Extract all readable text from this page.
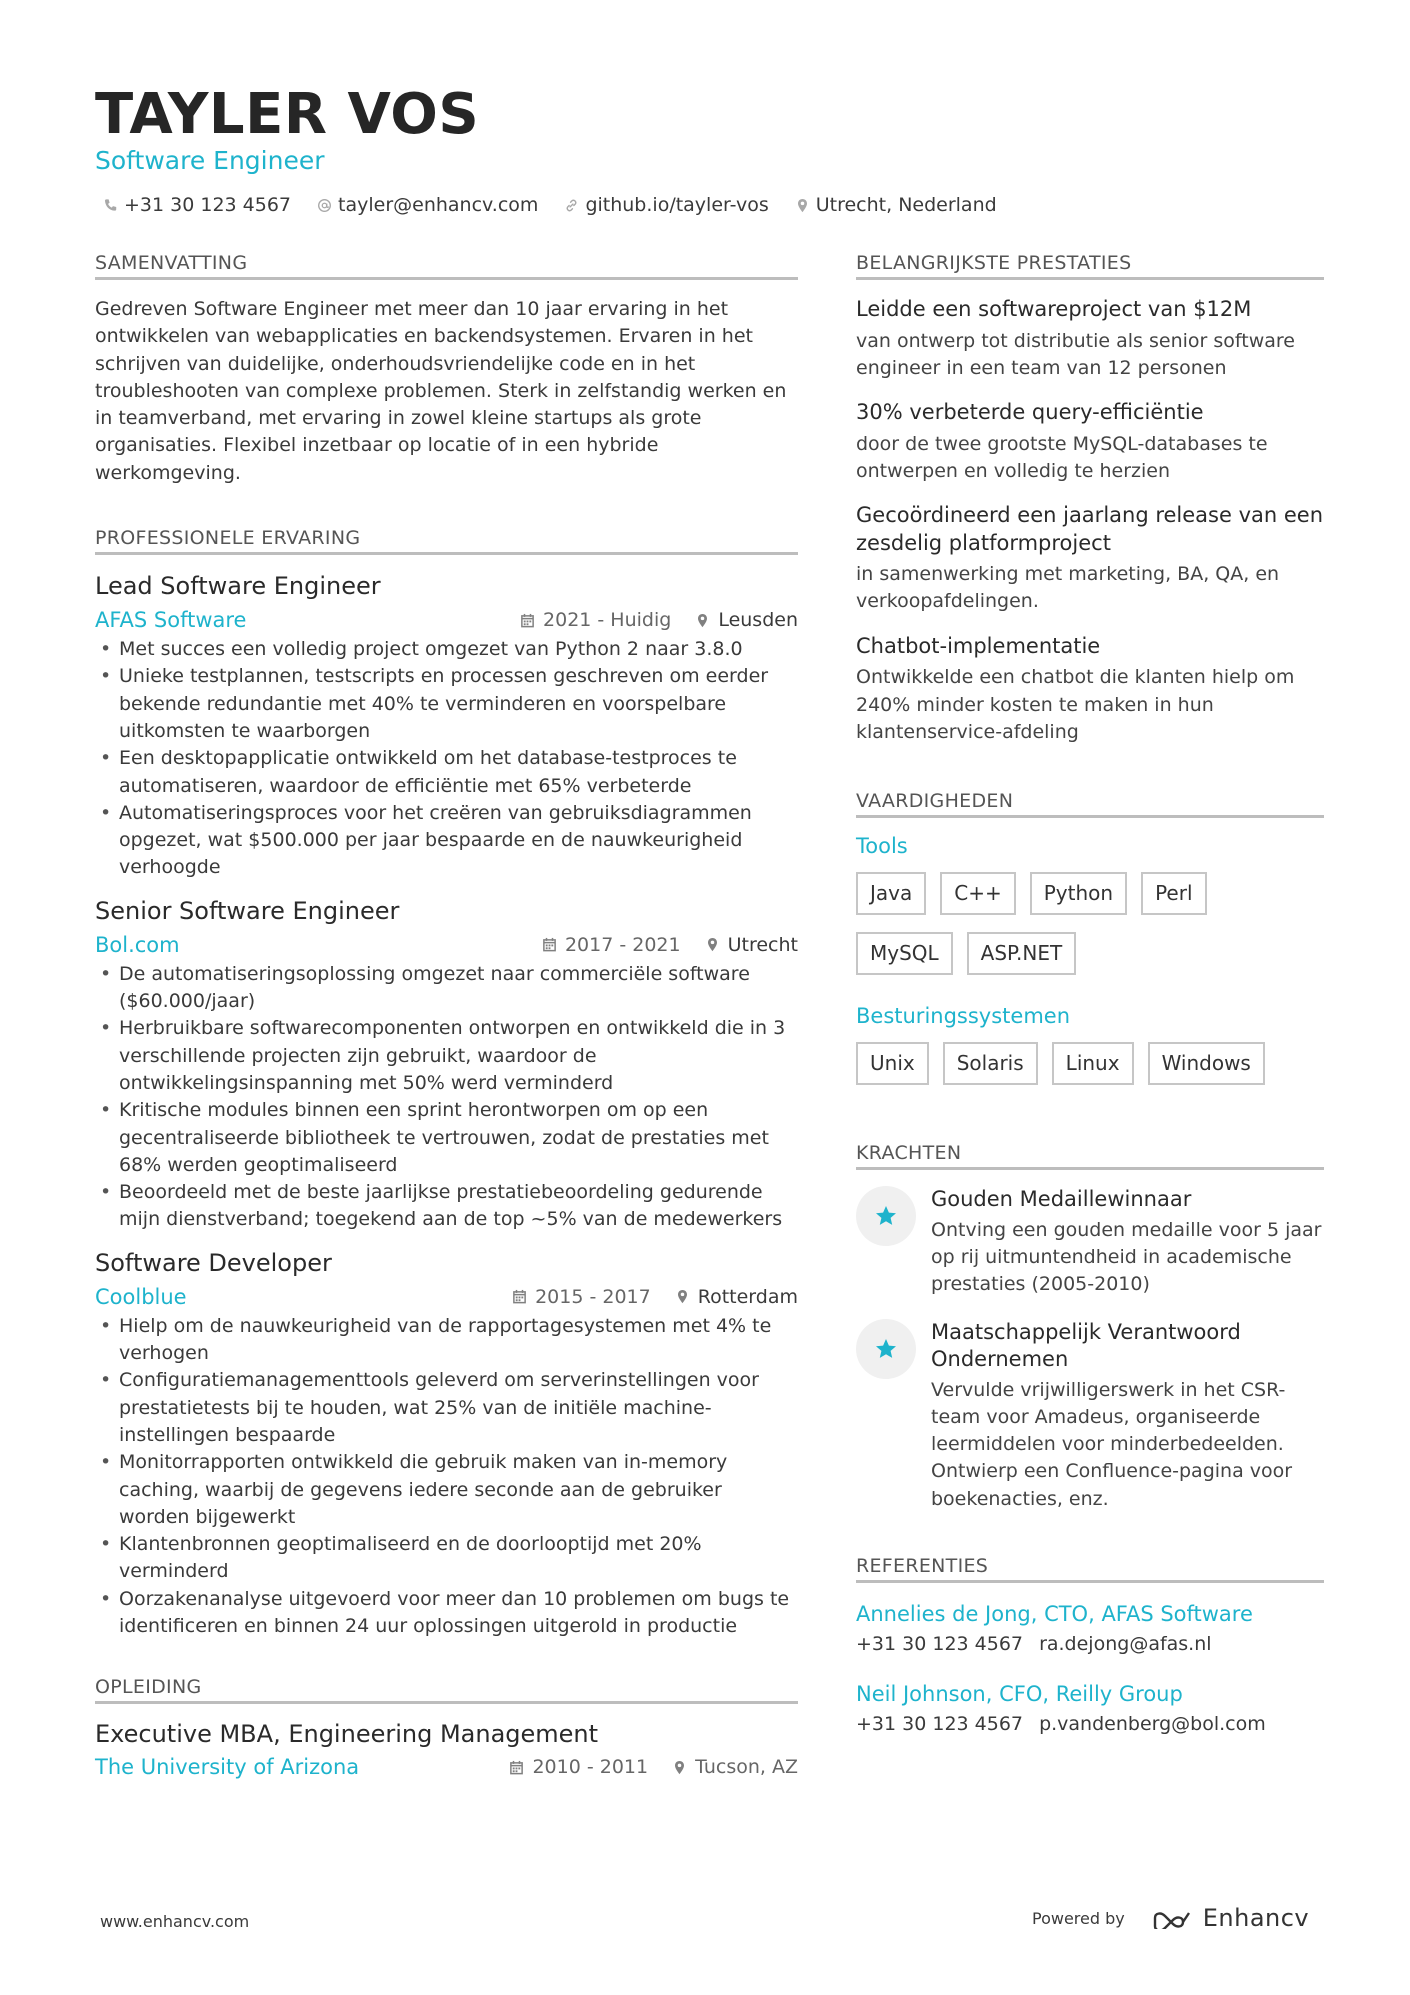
TAYLER VOS
Software Engineer
+31 30 123 4567 tayler@enhancv.com github.io/tayler-vos Utrecht, Nederland
SAMENVATTING
Gedreven Software Engineer met meer dan 10 jaar ervaring in het ontwikkelen van webapplicaties en backendsystemen. Ervaren in het schrijven van duidelijke, onderhoudsvriendelijke code en in het troubleshooten van complexe problemen. Sterk in zelfstandig werken en in teamverband, met ervaring in zowel kleine startups als grote organisaties. Flexibel inzetbaar op locatie of in een hybride werkomgeving.
PROFESSIONELE ERVARING
Lead Software Engineer
AFAS Software	2021 - Huidig Leusden
• Met succes een volledig project omgezet van Python 2 naar 3.8.0
• Unieke testplannen, testscripts en processen geschreven om eerder bekende redundantie met 40% te verminderen en voorspelbare uitkomsten te waarborgen
• Een desktopapplicatie ontwikkeld om het database-testproces te automatiseren, waardoor de efficiëntie met 65% verbeterde
• Automatiseringsproces voor het creëren van gebruiksdiagrammen opgezet, wat $500.000 per jaar bespaarde en de nauwkeurigheid verhoogde
Senior Software Engineer
Bol.com	2017 - 2021 Utrecht
• De automatiseringsoplossing omgezet naar commerciële software ($60.000/jaar)
• Herbruikbare softwarecomponenten ontworpen en ontwikkeld die in 3 verschillende projecten zijn gebruikt, waardoor de ontwikkelingsinspanning met 50% werd verminderd
• Kritische modules binnen een sprint herontworpen om op een gecentraliseerde bibliotheek te vertrouwen, zodat de prestaties met 68% werden geoptimaliseerd
• Beoordeeld met de beste jaarlijkse prestatiebeoordeling gedurende mijn dienstverband; toegekend aan de top ~5% van de medewerkers
Software Developer
Coolblue	2015 - 2017 Rotterdam
• Hielp om de nauwkeurigheid van de rapportagesystemen met 4% te verhogen
• Configuratiemanagementtools geleverd om serverinstellingen voor prestatietests bij te houden, wat 25% van de initiële machine-instellingen bespaarde
• Monitorrapporten ontwikkeld die gebruik maken van in-memory caching, waarbij de gegevens iedere seconde aan de gebruiker worden bijgewerkt
• Klantenbronnen geoptimaliseerd en de doorlooptijd met 20% verminderd
• Oorzakenanalyse uitgevoerd voor meer dan 10 problemen om bugs te identificeren en binnen 24 uur oplossingen uitgerold in productie
OPLEIDING
Executive MBA, Engineering Management
The University of Arizona	2010 - 2011 Tucson, AZ
BELANGRIJKSTE PRESTATIES
Leidde een softwareproject van $12M
van ontwerp tot distributie als senior software engineer in een team van 12 personen
30% verbeterde query-efficiëntie
door de twee grootste MySQL-databases te ontwerpen en volledig te herzien
Gecoördineerd een jaarlang release van een zesdelig platformproject
in samenwerking met marketing, BA, QA, en verkoopafdelingen.
Chatbot-implementatie
Ontwikkelde een chatbot die klanten hielp om 240% minder kosten te maken in hun klantenservice-afdeling
VAARDIGHEDEN
Tools
Java	C++	Python	Perl
MySQL	ASP.NET
Besturingssystemen
Unix	Solaris	Linux	Windows
KRACHTEN
Gouden Medaillewinnaar
Ontving een gouden medaille voor 5 jaar op rij uitmuntendheid in academische prestaties (2005-2010)
Maatschappelijk Verantwoord Ondernemen
Vervulde vrijwilligerswerk in het CSR-team voor Amadeus, organiseerde leermiddelen voor minderbedeelden. Ontwierp een Confluence-pagina voor boekenacties, enz.
REFERENTIES
Annelies de Jong, CTO, AFAS Software
+31 30 123 4567 ra.dejong@afas.nl
Neil Johnson, CFO, Reilly Group
+31 30 123 4567 p.vandenberg@bol.com
www.enhancv.com	Powered by	Enhancv
